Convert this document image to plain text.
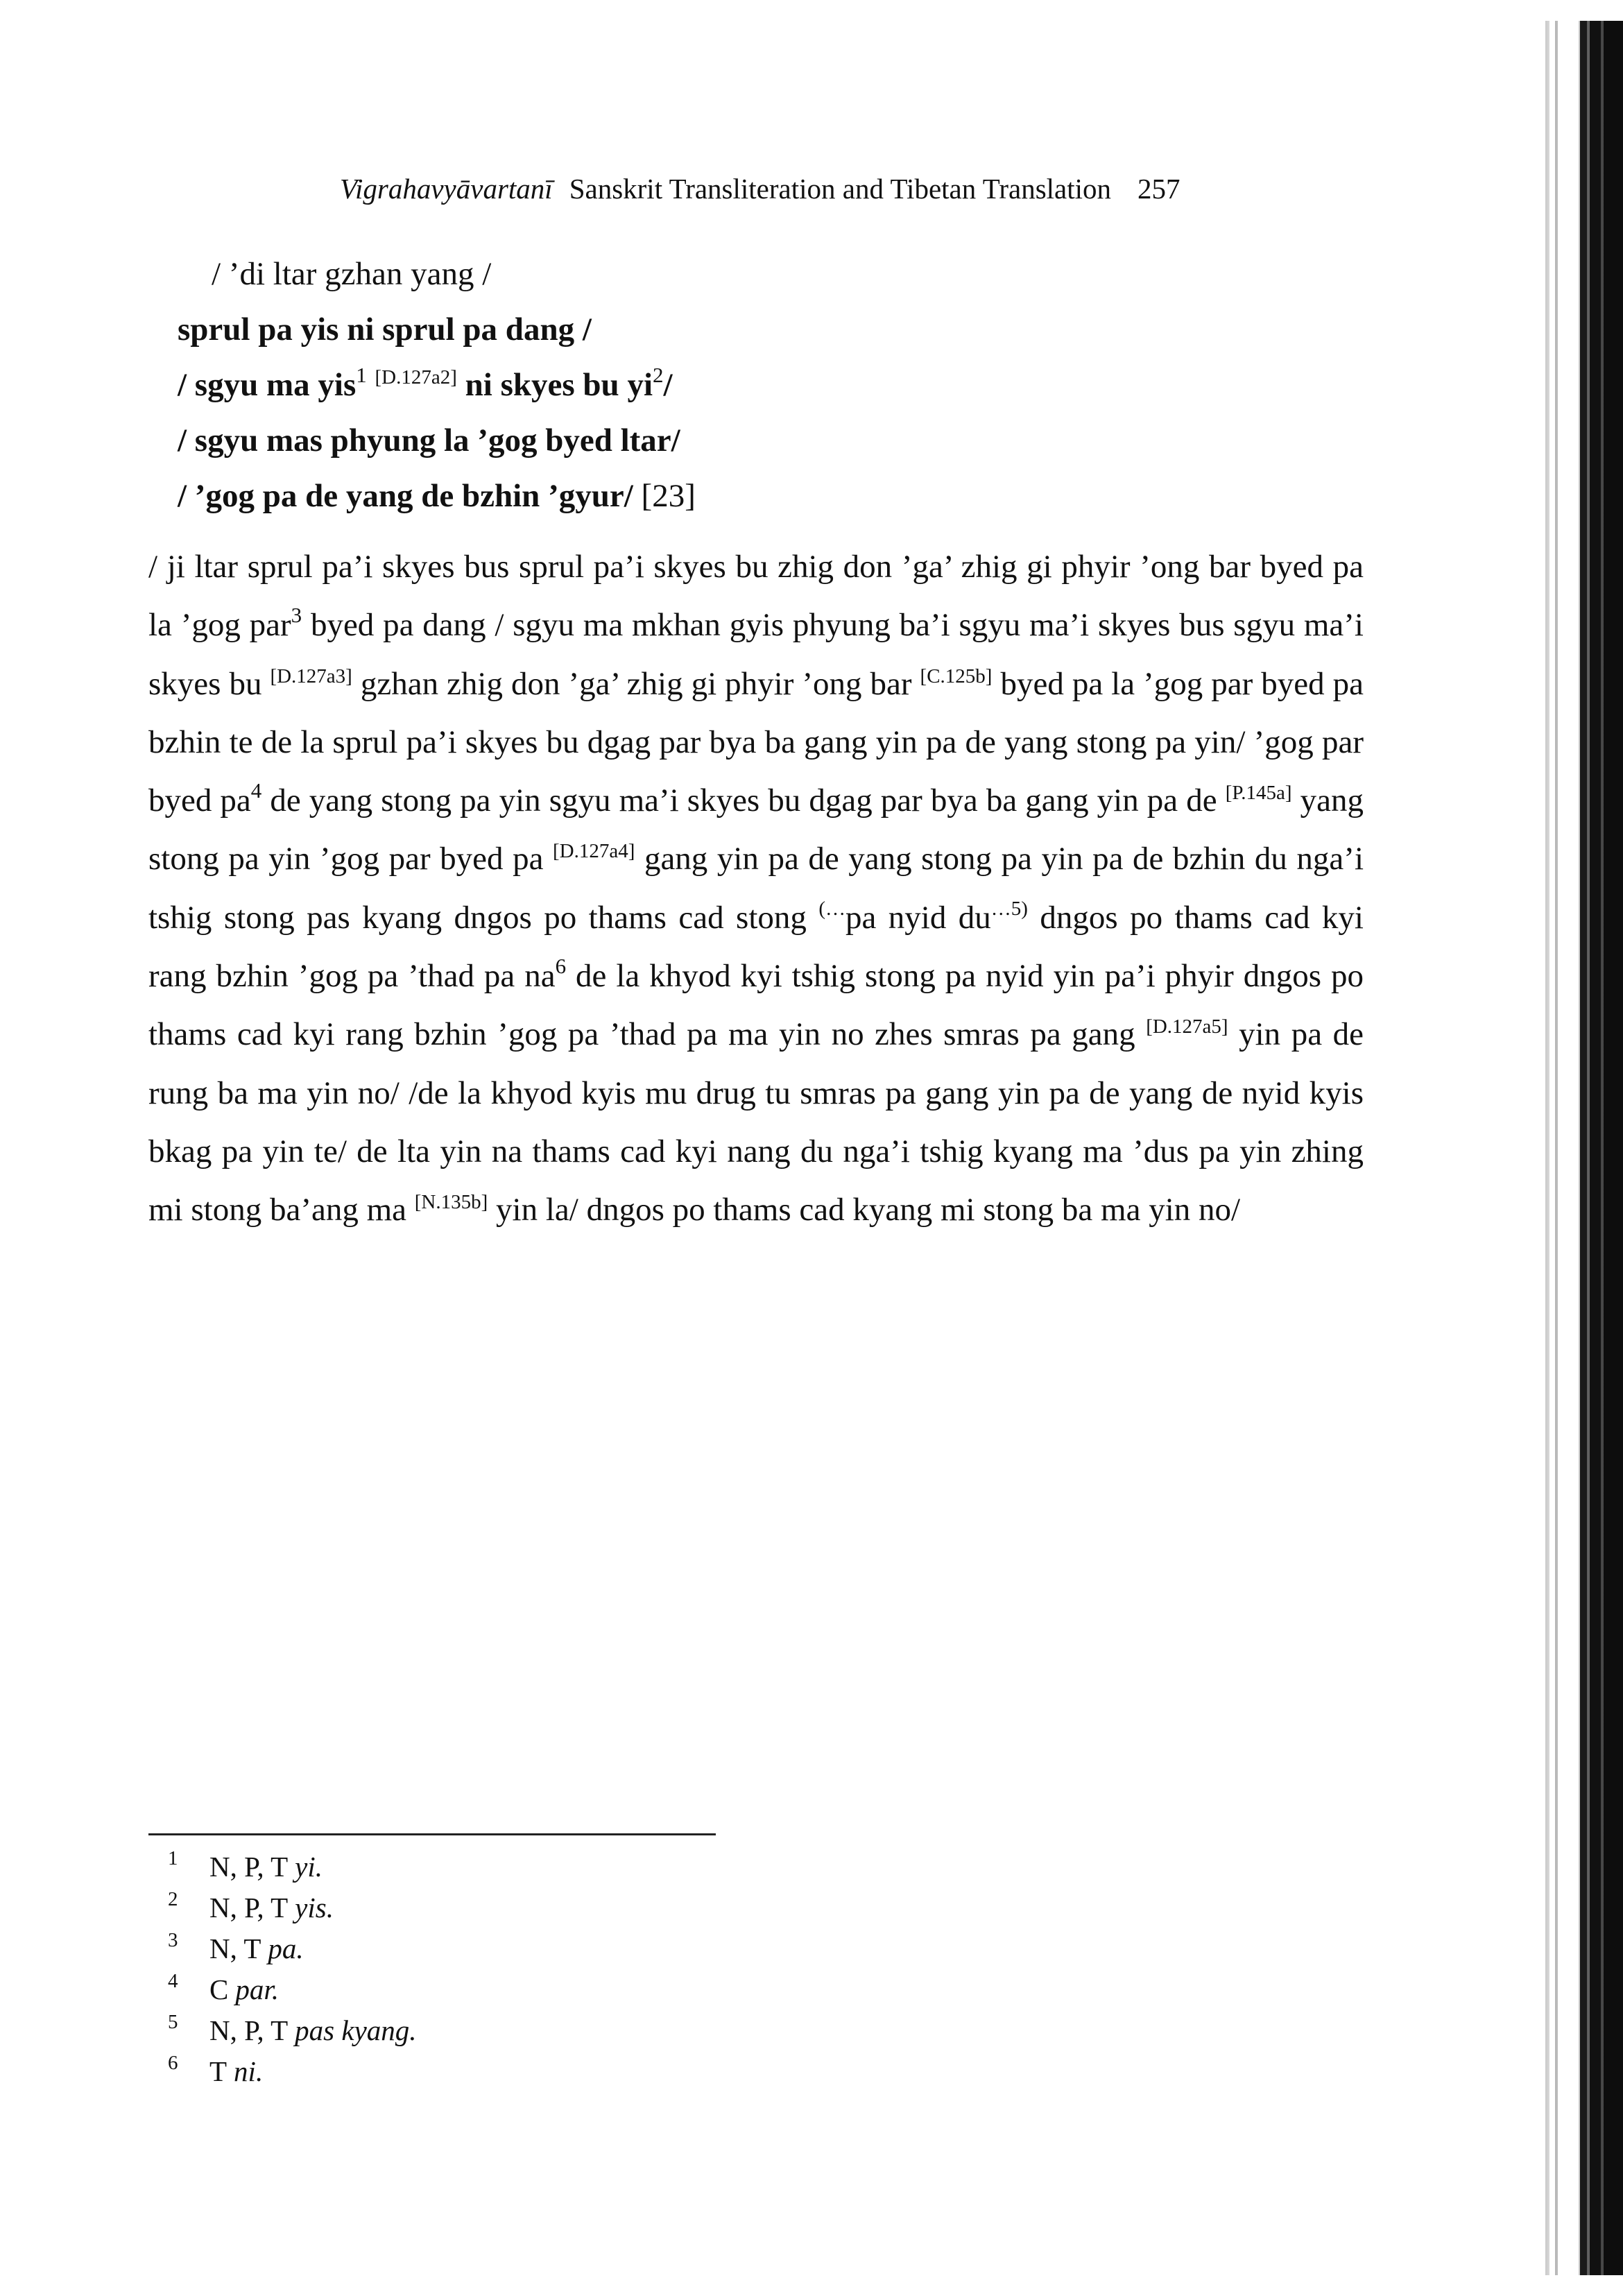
Vigrahavyāvartanī Sanskrit Transliteration and Tibetan Translation 257
/ ’di ltar gzhan yang /
sprul pa yis ni sprul pa dang /
/ sgyu ma yis$^1$ [D.127a2] ni skyes bu yi$^2$/
/ sgyu mas phyung la ’gog byed ltar/
/ ’gog pa de yang de bzhin ’gyur/ [23]
/ ji ltar sprul pa’i skyes bus sprul pa’i skyes bu zhig don ’ga’ zhig gi phyir ’ong bar byed pa la ’gog par$^3$ byed pa dang / sgyu ma mkhan gyis phyung ba’i sgyu ma’i skyes bus sgyu ma’i skyes bu [D.127a3] gzhan zhig don ’ga’ zhig gi phyir ’ong bar [C.125b] byed pa la ’gog par byed pa bzhin te de la sprul pa’i skyes bu dgag par bya ba gang yin pa de yang stong pa yin/ ’gog par byed pa$^4$ de yang stong pa yin sgyu ma’i skyes bu dgag par bya ba gang yin pa de [P.145a] yang stong pa yin ’gog par byed pa [D.127a4] gang yin pa de yang stong pa yin pa de bzhin du nga’i tshig stong pas kyang dngos po thams cad stong (…pa nyid $du^{\dots 5)}$ dngos po thams cad kyi rang bzhin ’gog pa ’thad pa na$^6$ de la khyod kyi tshig stong pa nyid yin pa’i phyir dngos po thams cad kyi rang bzhin ’gog pa ’thad pa ma yin no zhes smras pa gang [D.127a5] yin pa de rung ba ma yin no/ /de la khyod kyis mu drug tu smras pa gang yin pa de yang de nyid kyis bkag pa yin te/ de lta yin na thams cad kyi nang du nga’i tshig kyang ma ’dus pa yin zhing mi stong ba’ang ma [N.135b] yin la/ dngos po thams cad kyang mi stong ba ma yin no/
1 N, P, T yi.
2 N, P, T yis.
3 N, T pa.
4 C par.
5 N, P, T pas kyang.
6 T ni.
